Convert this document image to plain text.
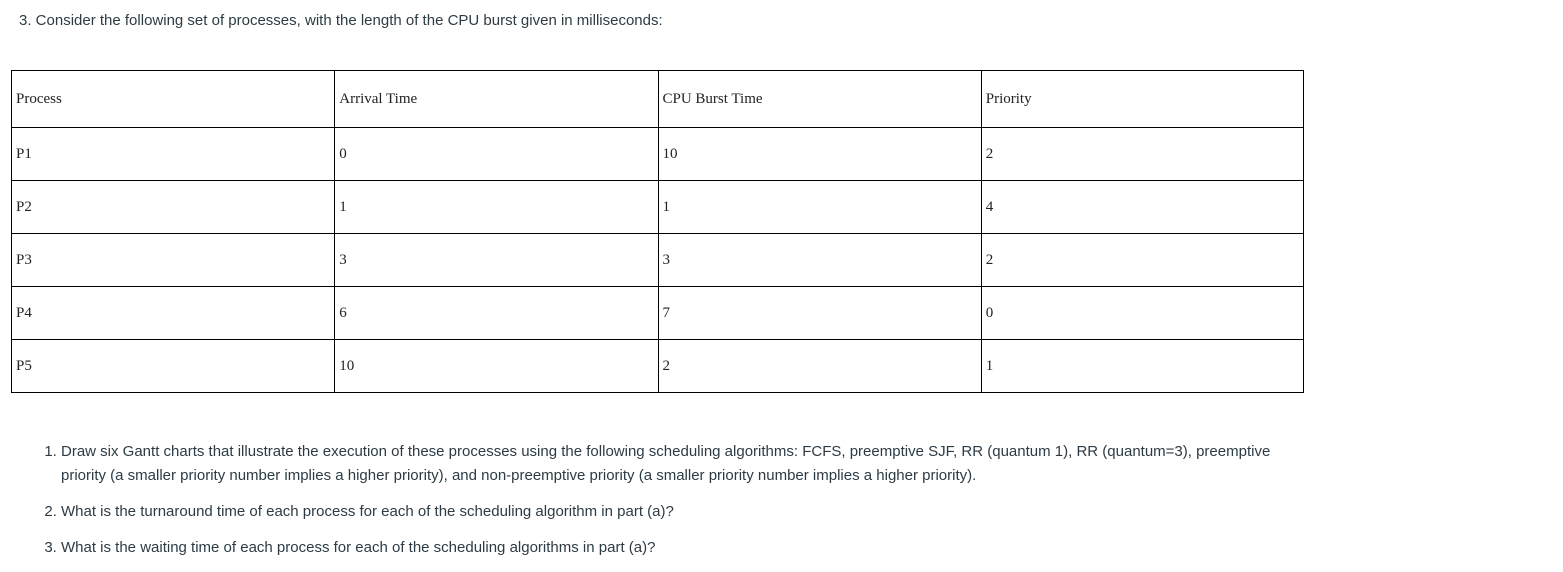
3. Consider the following set of processes, with the length of the CPU burst given in milliseconds:

Process	Arrival Time	CPU Burst Time	Priority
P1	0	10	2
P2	1	1	4
P3	3	3	2
P4	6	7	0
P5	10	2	1
1. Draw six Gantt charts that illustrate the execution of these processes using the following scheduling algorithms: FCFS, preemptive SJF, RR (quantum 1), RR (quantum=3), preemptive priority (a smaller priority number implies a higher priority), and non-preemptive priority (a smaller priority number implies a higher priority).
2. What is the turnaround time of each process for each of the scheduling algorithm in part (a)?
3. What is the waiting time of each process for each of the scheduling algorithms in part (a)?
